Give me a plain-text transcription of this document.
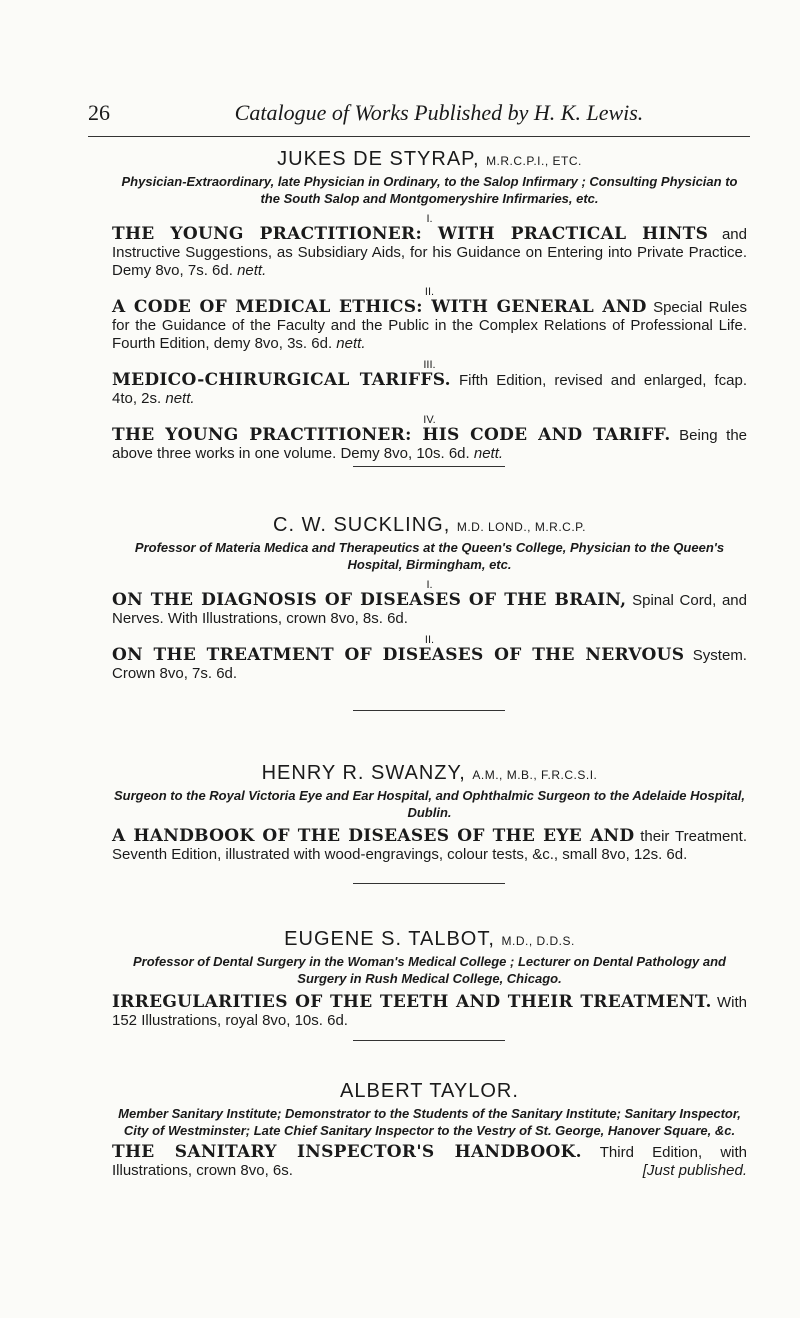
26	Catalogue of Works Published by H. K. Lewis.
JUKES DE STYRAP, M.R.C.P.I., ETC.
Physician-Extraordinary, late Physician in Ordinary, to the Salop Infirmary ; Consulting Physician to the South Salop and Montgomeryshire Infirmaries, etc.
I.
THE YOUNG PRACTITIONER: WITH PRACTICAL HINTS and Instructive Suggestions, as Subsidiary Aids, for his Guidance on Entering into Private Practice. Demy 8vo, 7s. 6d. nett.
II.
A CODE OF MEDICAL ETHICS: WITH GENERAL AND Special Rules for the Guidance of the Faculty and the Public in the Complex Relations of Professional Life. Fourth Edition, demy 8vo, 3s. 6d. nett.
III.
MEDICO-CHIRURGICAL TARIFFS. Fifth Edition, revised and enlarged, fcap. 4to, 2s. nett.
IV.
THE YOUNG PRACTITIONER: HIS CODE AND TARIFF. Being the above three works in one volume. Demy 8vo, 10s. 6d. nett.
C. W. SUCKLING, M.D. LOND., M.R.C.P.
Professor of Materia Medica and Therapeutics at the Queen's College, Physician to the Queen's Hospital, Birmingham, etc.
I.
ON THE DIAGNOSIS OF DISEASES OF THE BRAIN, Spinal Cord, and Nerves. With Illustrations, crown 8vo, 8s. 6d.
II.
ON THE TREATMENT OF DISEASES OF THE NERVOUS System. Crown 8vo, 7s. 6d.
HENRY R. SWANZY, A.M., M.B., F.R.C.S.I.
Surgeon to the Royal Victoria Eye and Ear Hospital, and Ophthalmic Surgeon to the Adelaide Hospital, Dublin.
A HANDBOOK OF THE DISEASES OF THE EYE AND their Treatment. Seventh Edition, illustrated with wood-engravings, colour tests, &c., small 8vo, 12s. 6d.
EUGENE S. TALBOT, M.D., D.D.S.
Professor of Dental Surgery in the Woman's Medical College ; Lecturer on Dental Pathology and Surgery in Rush Medical College, Chicago.
IRREGULARITIES OF THE TEETH AND THEIR TREATMENT. With 152 Illustrations, royal 8vo, 10s. 6d.
ALBERT TAYLOR.
Member Sanitary Institute; Demonstrator to the Students of the Sanitary Institute; Sanitary Inspector, City of Westminster; Late Chief Sanitary Inspector to the Vestry of St. George, Hanover Square, &c.
THE SANITARY INSPECTOR'S HANDBOOK. Third Edition, with Illustrations, crown 8vo, 6s.	[Just published.
